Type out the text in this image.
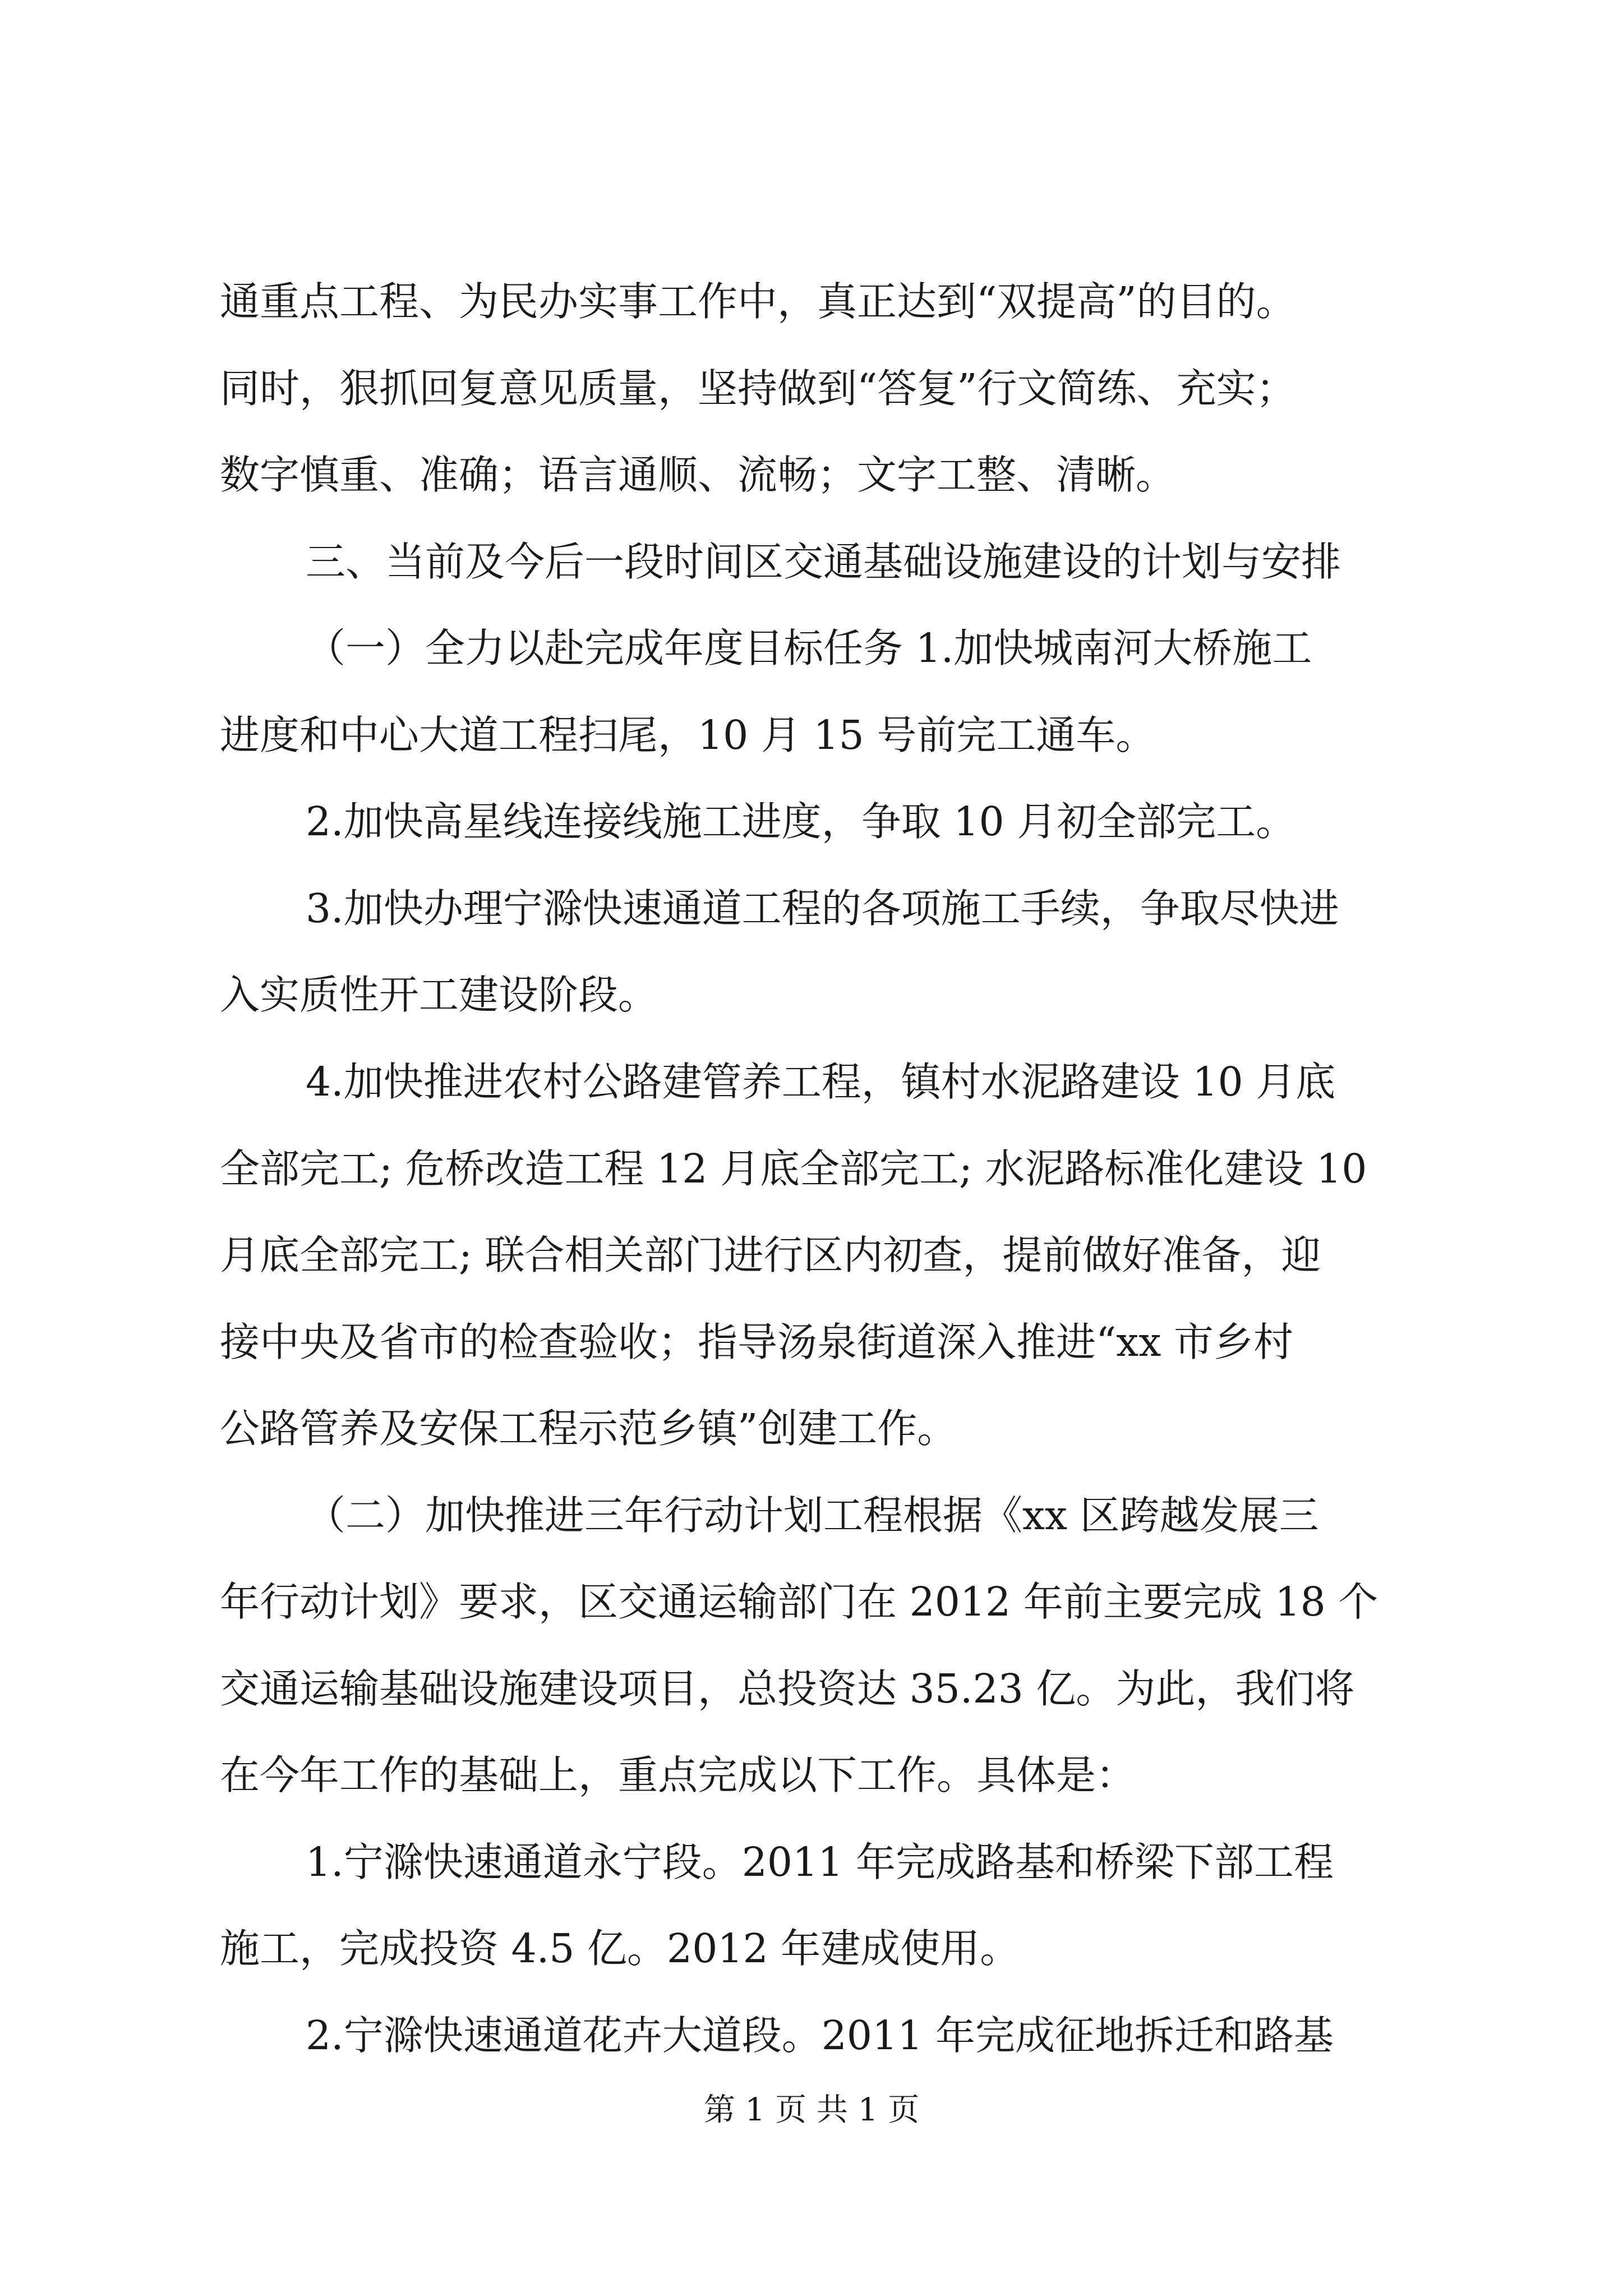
通重点工程、为民办实事工作中，真正达到“双提高”的目的。
同时，狠抓回复意见质量，坚持做到“答复”行文简练、充实；
数字慎重、准确；语言通顺、流畅；文字工整、清晰。
三、当前及今后一段时间区交通基础设施建设的计划与安排
（一）全力以赴完成年度目标任务 1.加快城南河大桥施工
进度和中心大道工程扫尾，10 月 15 号前完工通车。
2.加快高星线连接线施工进度，争取 10 月初全部完工。
3.加快办理宁滁快速通道工程的各项施工手续，争取尽快进
入实质性开工建设阶段。
4.加快推进农村公路建管养工程，镇村水泥路建设 10 月底
全部完工; 危桥改造工程 12 月底全部完工; 水泥路标准化建设 10
月底全部完工; 联合相关部门进行区内初查，提前做好准备，迎
接中央及省市的检查验收；指导汤泉街道深入推进“xx 市乡村
公路管养及安保工程示范乡镇”创建工作。
（二）加快推进三年行动计划工程根据《xx 区跨越发展三
年行动计划》要求，区交通运输部门在 2012 年前主要完成 18 个
交通运输基础设施建设项目，总投资达 35.23 亿。为此，我们将
在今年工作的基础上，重点完成以下工作。具体是：
1.宁滁快速通道永宁段。2011 年完成路基和桥梁下部工程
施工，完成投资 4.5 亿。2012 年建成使用。
2.宁滁快速通道花卉大道段。2011 年完成征地拆迁和路基
第 1 页 共 1 页
